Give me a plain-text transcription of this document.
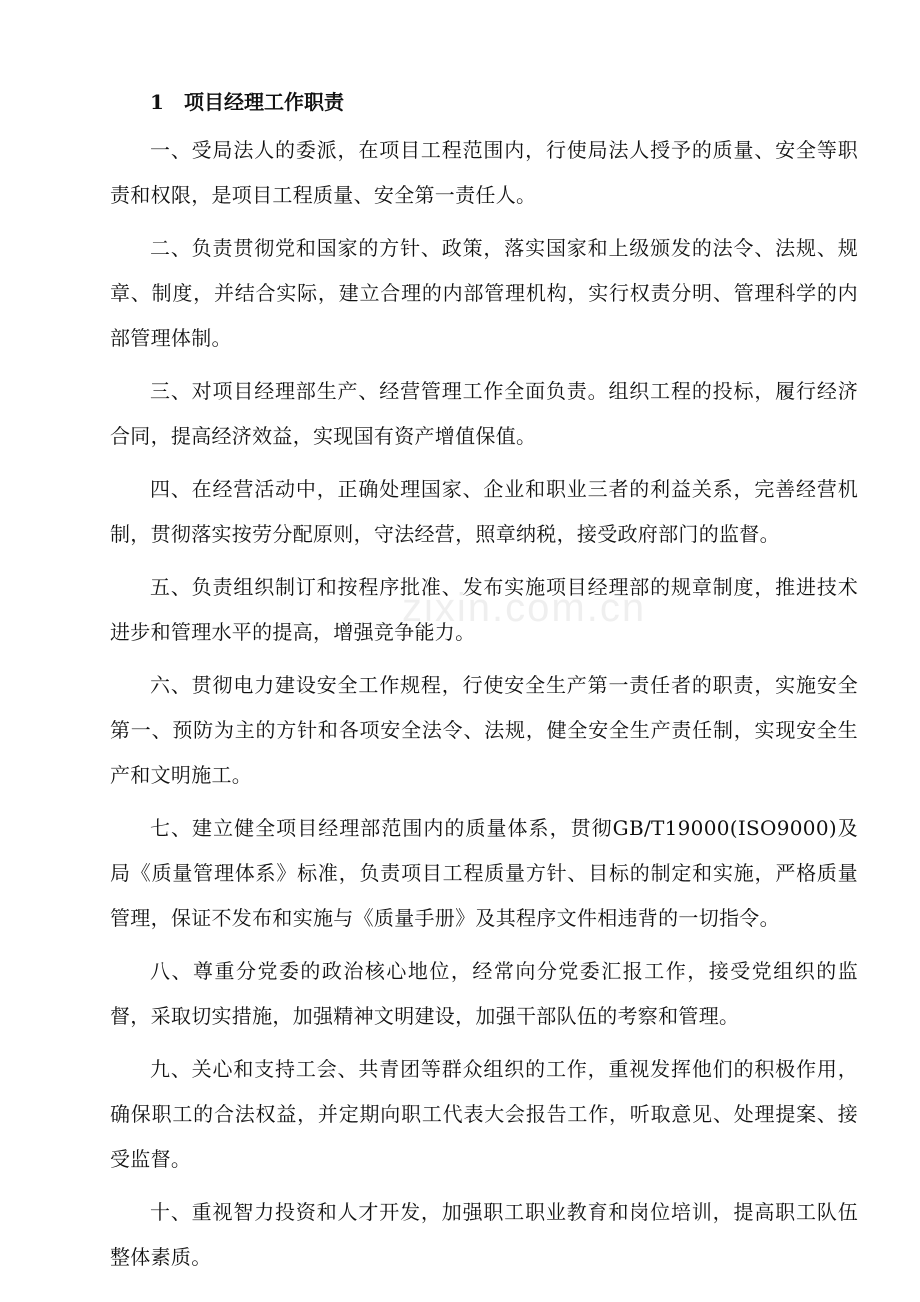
1 项目经理工作职责

一、受局法人的委派，在项目工程范围内，行使局法人授予的质量、安全等职责和权限，是项目工程质量、安全第一责任人。

二、负责贯彻党和国家的方针、政策，落实国家和上级颁发的法令、法规、规章、制度，并结合实际，建立合理的内部管理机构，实行权责分明、管理科学的内部管理体制。

三、对项目经理部生产、经营管理工作全面负责。组织工程的投标，履行经济合同，提高经济效益，实现国有资产增值保值。

四、在经营活动中，正确处理国家、企业和职业三者的利益关系，完善经营机制，贯彻落实按劳分配原则，守法经营，照章纳税，接受政府部门的监督。

五、负责组织制订和按程序批准、发布实施项目经理部的规章制度，推进技术进步和管理水平的提高，增强竞争能力。

六、贯彻电力建设安全工作规程，行使安全生产第一责任者的职责，实施安全第一、预防为主的方针和各项安全法令、法规，健全安全生产责任制，实现安全生产和文明施工。

七、建立健全项目经理部范围内的质量体系，贯彻GB/T19000(ISO9000)及局《质量管理体系》标准，负责项目工程质量方针、目标的制定和实施，严格质量管理，保证不发布和实施与《质量手册》及其程序文件相违背的一切指令。

八、尊重分党委的政治核心地位，经常向分党委汇报工作，接受党组织的监督，采取切实措施，加强精神文明建设，加强干部队伍的考察和管理。

九、关心和支持工会、共青团等群众组织的工作，重视发挥他们的积极作用，确保职工的合法权益，并定期向职工代表大会报告工作，听取意见、处理提案、接受监督。

十、重视智力投资和人才开发，加强职工职业教育和岗位培训，提高职工队伍整体素质。

zixin.com.cn
